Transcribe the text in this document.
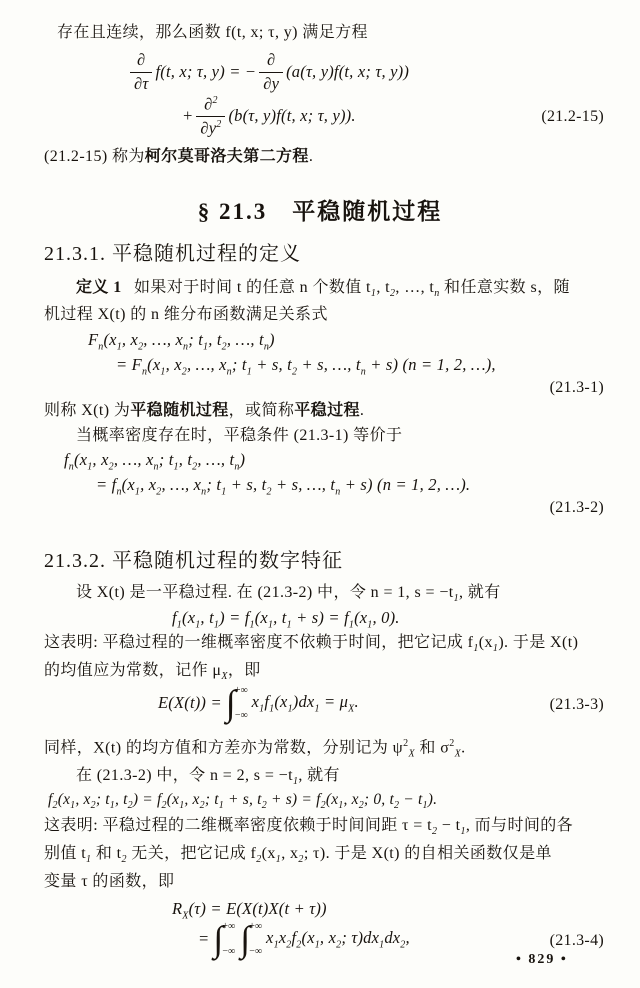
存在且连续，那么函数 f(t, x; τ, y) 满足方程
$\frac{\partial}{\partial\tau} f(t$, x; τ, y) = − $\frac{\partial}{\partial y} (a(\tau$, y)f(t, x; τ, y))
+ $\frac{\partial^2}{\partial y^2} (b(\tau$, y)f(t, x; τ, y)).	(21.2-15)
(21.2-15) 称为柯尔莫哥洛夫第二方程.
§ 21.3　平稳随机过程
21.3.1. 平稳随机过程的定义
定义 1 如果对于时间 t 的任意 n 个数值 $t_1$, $t_2$, …, $t_n$ 和任意实数 s，随
机过程 X(t) 的 n 维分布函数满足关系式
$F_n(x_1$, $x_2$, …, $x_n$; $t_1$, $t_2$, …, $t_n$)
= $F_n(x_1$, $x_2$, …, $x_n$; $t_1 + s$, $t_2 + s$, …, $t_n + s$) (n = 1, 2, …),
(21.3-1)
则称 X(t) 为平稳随机过程，或简称平稳过程.
当概率密度存在时，平稳条件 (21.3-1) 等价于
$f_n(x_1$, $x_2$, …, $x_n$; $t_1$, $t_2$, …, $t_n$)
= $f_n(x_1$, $x_2$, …, $x_n$; $t_1 + s$, $t_2 + s$, …, $t_n + s$) (n = 1, 2, …).
(21.3-2)
21.3.2. 平稳随机过程的数字特征
设 X(t) 是一平稳过程. 在 (21.3-2) 中，令 n = 1, $s = -t_1$, 就有
$f_1(x_1$, $t_1) = f_1(x_1$, $t_1 + s) = f_1(x_1$, 0).
这表明: 平稳过程的一维概率密度不依赖于时间，把它记成 $f_1(x_1)$. 于是 X(t)
的均值应为常数，记作 $\mu_X$，即
E(X(t)) = ∫ +∞
−∞
$x_1f_1(x_1)dx_1 = \mu_X$.	(21.3-3)
同样，X(t) 的均方值和方差亦为常数，分别记为 $\psi^2_X$ 和 $\sigma^2_X$.
在 (21.3-2) 中，令 n = 2, $s = -t_1$, 就有
$f_2(x_1$, $x_2$; $t_1$, $t_2) = f_2(x_1$, $x_2$; $t_1 + s$, $t_2 + s) = f_2(x_1$, $x_2$; 0, $t_2 - t_1$).
这表明: 平稳过程的二维概率密度依赖于时间间距 $\tau = t_2 - t_1$, 而与时间的各
别值 $t_1$ 和 $t_2$ 无关，把它记成 $f_2(x_1$, $x_2$; τ). 于是 X(t) 的自相关函数仅是单
变量 τ 的函数，即
$R_X(\tau) = E(X(t)X(t + \tau))$
= ∫ +∞
−∞ ∫ +∞
−∞
$x_1x_2f_2(x_1$, $x_2$; $\tau)dx_1dx_2$,	(21.3-4)
• 829 •
